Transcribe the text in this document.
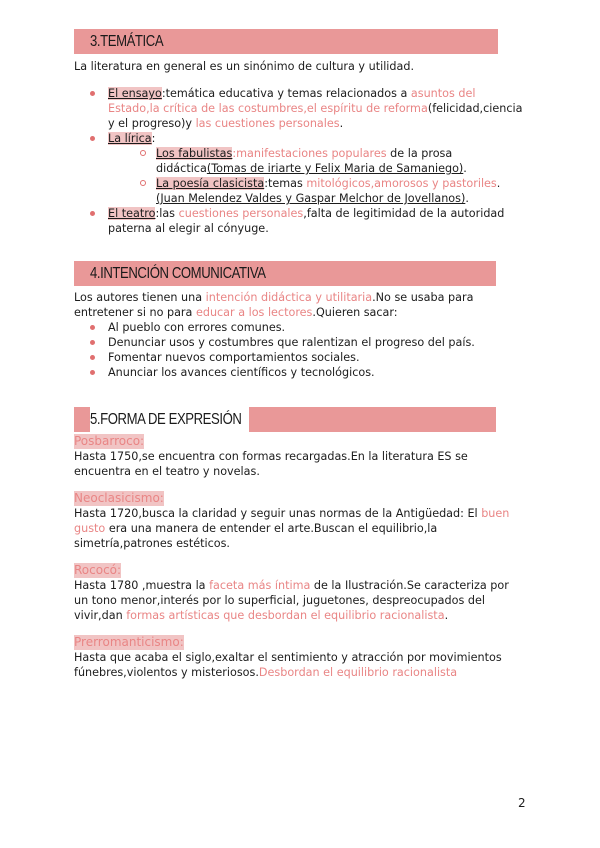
3.TEMÁTICA
La literatura en general es un sinónimo de cultura y utilidad.
El ensayo:temática educativa y temas relacionados a asuntos del Estado,la crítica de las costumbres,el espíritu de reforma(felicidad,ciencia y el progreso)y las cuestiones personales.
La lírica:
Los fabulistas:manifestaciones populares de la prosa didáctica(Tomas de iriarte y Felix Maria de Samaniego).
La poesía clasicista:temas mitológicos,amorosos y pastoriles.(Juan Melendez Valdes y Gaspar Melchor de Jovellanos).
El teatro:las cuestiones personales,falta de legitimidad de la autoridad paterna al elegir al cónyuge.
4.INTENCIÓN COMUNICATIVA
Los autores tienen una intención didáctica y utilitaria.No se usaba para entretener si no para educar a los lectores.Quieren sacar:
Al pueblo con errores comunes.
Denunciar usos y costumbres que ralentizan el progreso del país.
Fomentar nuevos comportamientos sociales.
Anunciar los avances científicos y tecnológicos.
5.FORMA DE EXPRESIÓN
Posbarroco:
Hasta 1750,se encuentra con formas recargadas.En la literatura ES se encuentra en el teatro y novelas.
Neoclasicismo:
Hasta 1720,busca la claridad y seguir unas normas de la Antigüedad: El buen gusto era una manera de entender el arte.Buscan el equilibrio,la simetría,patrones estéticos.
Rococó:
Hasta 1780 ,muestra la faceta más íntima de la Ilustración.Se caracteriza por un tono menor,interés por lo superficial, juguetones, despreocupados del vivir,dan formas artísticas que desbordan el equilibrio racionalista.
Prerromanticismo:
Hasta que acaba el siglo,exaltar el sentimiento y atracción por movimientos fúnebres,violentos y misteriosos.Desbordan el equilibrio racionalista
2
